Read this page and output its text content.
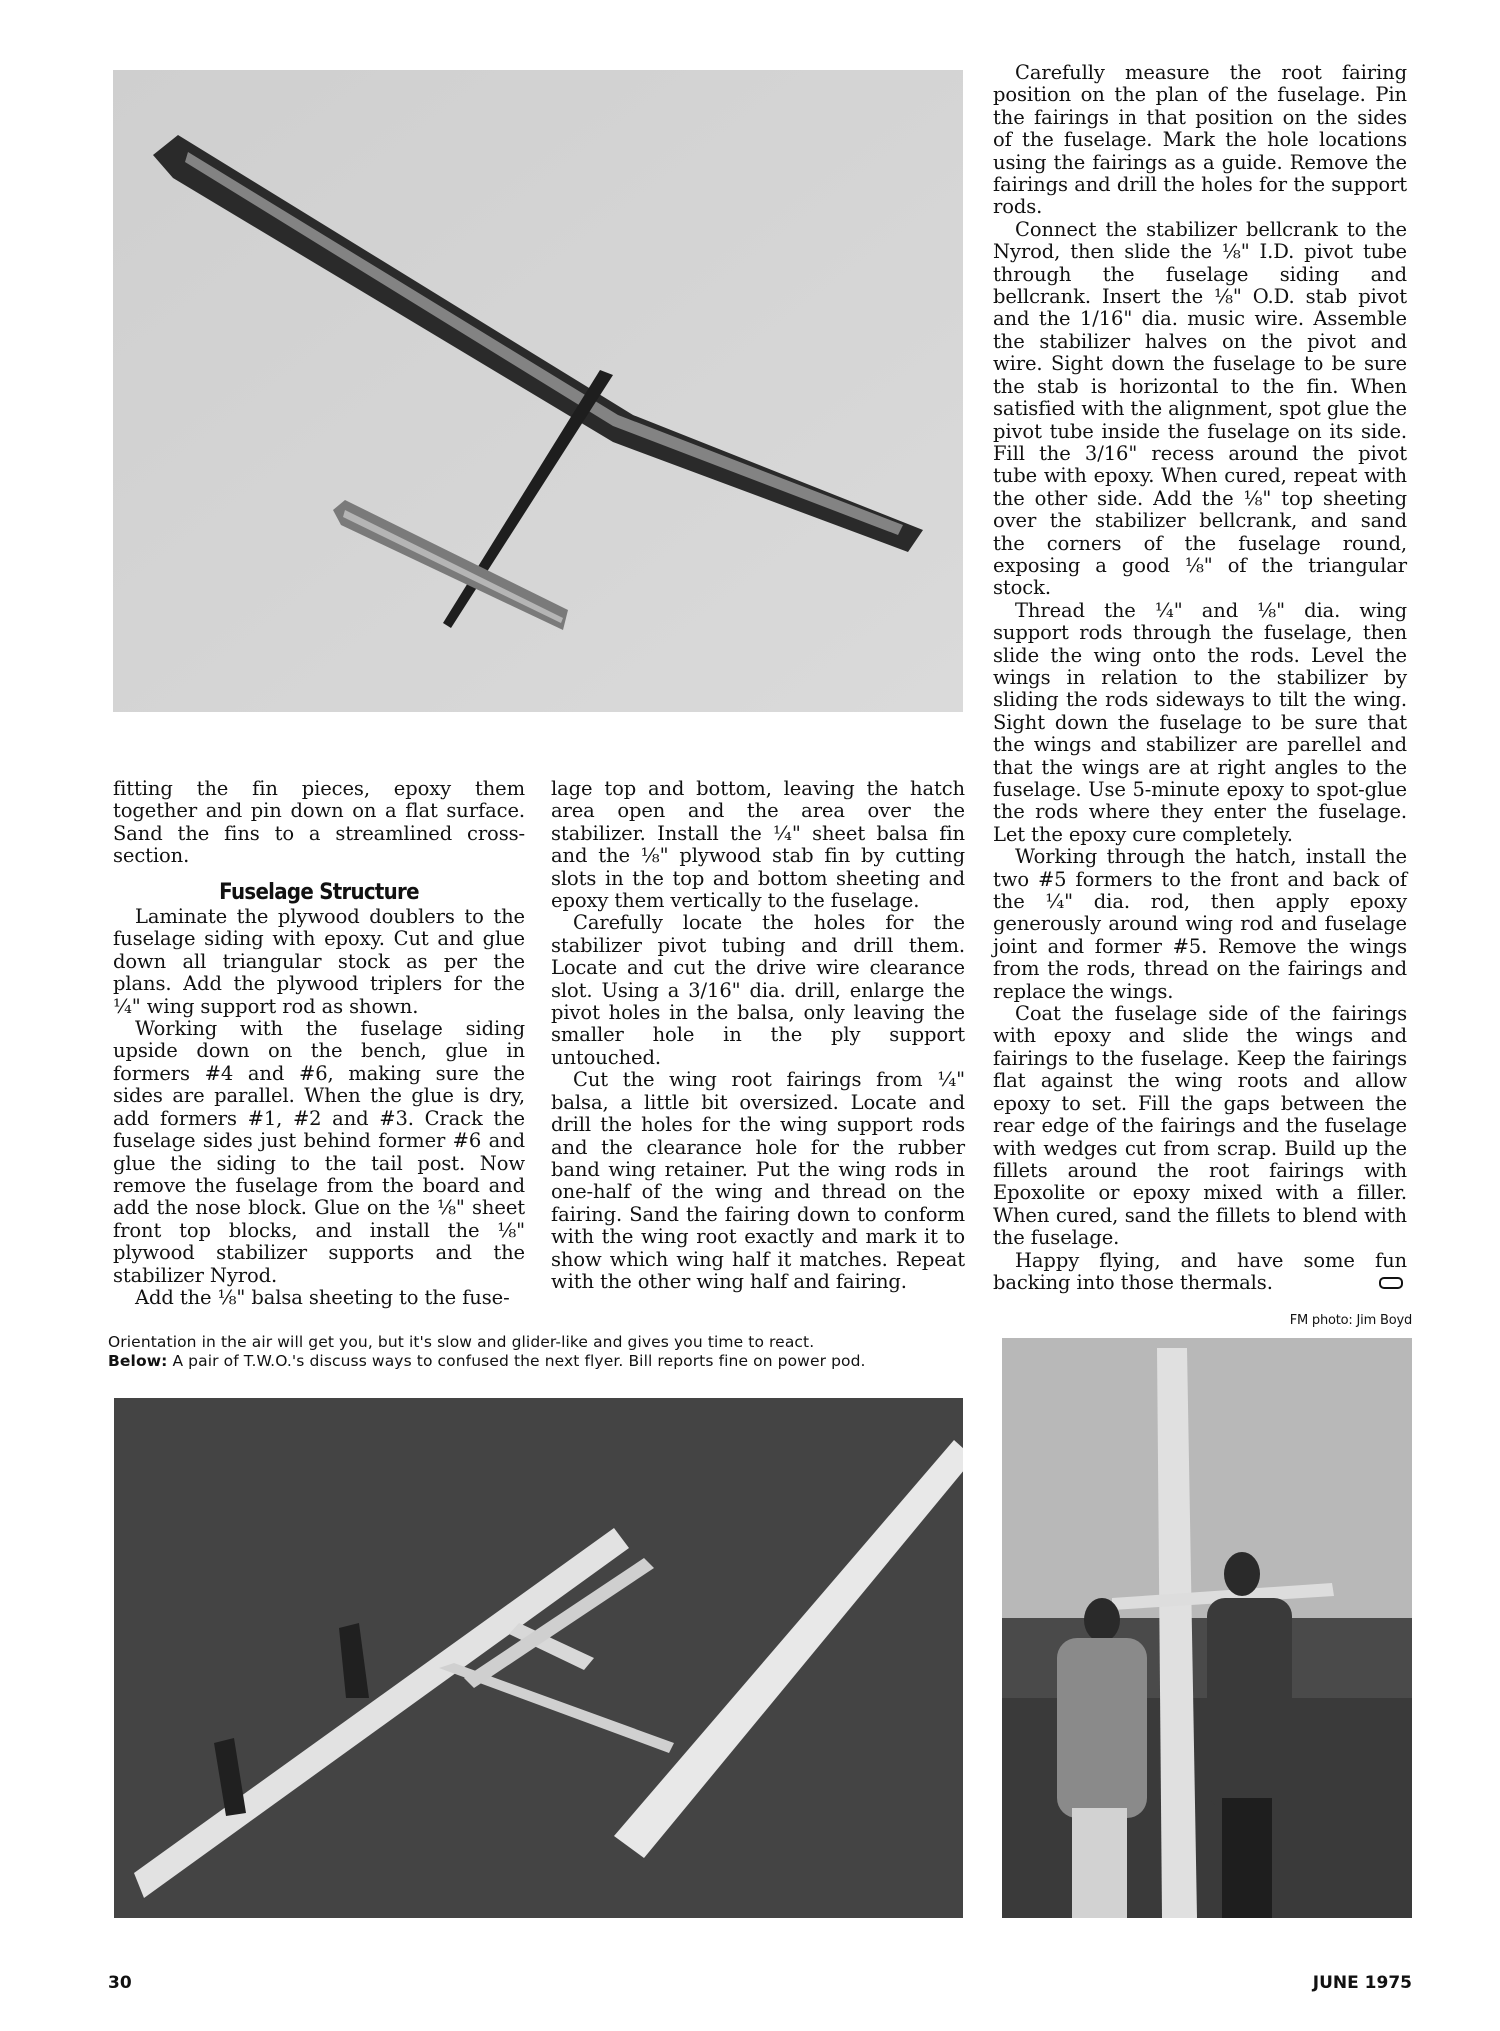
fitting the fin pieces, epoxy them together and pin down on a flat surface. Sand the fins to a streamlined cross-section.

Fuselage Structure

Laminate the plywood doublers to the fuselage siding with epoxy. Cut and glue down all triangular stock as per the plans. Add the plywood triplers for the ¼" wing support rod as shown.

Working with the fuselage siding upside down on the bench, glue in formers #4 and #6, making sure the sides are parallel. When the glue is dry, add formers #1, #2 and #3. Crack the fuselage sides just behind former #6 and glue the siding to the tail post. Now remove the fuselage from the board and add the nose block. Glue on the ⅛" sheet front top blocks, and install the ⅛" plywood stabilizer supports and the stabilizer Nyrod.

Add the ⅛" balsa sheeting to the fuse-

lage top and bottom, leaving the hatch area open and the area over the stabilizer. Install the ¼" sheet balsa fin and the ⅛" plywood stab fin by cutting slots in the top and bottom sheeting and epoxy them vertically to the fuselage.

Carefully locate the holes for the stabilizer pivot tubing and drill them. Locate and cut the drive wire clearance slot. Using a 3/16" dia. drill, enlarge the pivot holes in the balsa, only leaving the smaller hole in the ply support untouched.

Cut the wing root fairings from ¼" balsa, a little bit oversized. Locate and drill the holes for the wing support rods and the clearance hole for the rubber band wing retainer. Put the wing rods in one-half of the wing and thread on the fairing. Sand the fairing down to conform with the wing root exactly and mark it to show which wing half it matches. Repeat with the other wing half and fairing.

Carefully measure the root fairing position on the plan of the fuselage. Pin the fairings in that position on the sides of the fuselage. Mark the hole locations using the fairings as a guide. Remove the fairings and drill the holes for the support rods.

Connect the stabilizer bellcrank to the Nyrod, then slide the ⅛" I.D. pivot tube through the fuselage siding and bellcrank. Insert the ⅛" O.D. stab pivot and the 1/16" dia. music wire. Assemble the stabilizer halves on the pivot and wire. Sight down the fuselage to be sure the stab is horizontal to the fin. When satisfied with the alignment, spot glue the pivot tube inside the fuselage on its side. Fill the 3/16" recess around the pivot tube with epoxy. When cured, repeat with the other side. Add the ⅛" top sheeting over the stabilizer bellcrank, and sand the corners of the fuselage round, exposing a good ⅛" of the triangular stock.

Thread the ¼" and ⅛" dia. wing support rods through the fuselage, then slide the wing onto the rods. Level the wings in relation to the stabilizer by sliding the rods sideways to tilt the wing. Sight down the fuselage to be sure that the wings and stabilizer are parellel and that the wings are at right angles to the fuselage. Use 5-minute epoxy to spot-glue the rods where they enter the fuselage. Let the epoxy cure completely.

Working through the hatch, install the two #5 formers to the front and back of the ¼" dia. rod, then apply epoxy generously around wing rod and fuselage joint and former #5. Remove the wings from the rods, thread on the fairings and replace the wings.

Coat the fuselage side of the fairings with epoxy and slide the wings and fairings to the fuselage. Keep the fairings flat against the wing roots and allow epoxy to set. Fill the gaps between the rear edge of the fairings and the fuselage with wedges cut from scrap. Build up the fillets around the root fairings with Epoxolite or epoxy mixed with a filler. When cured, sand the fillets to blend with the fuselage.

Happy flying, and have some fun backing into those thermals.

FM photo: Jim Boyd
Orientation in the air will get you, but it's slow and glider-like and gives you time to react.
Below: A pair of T.W.O.'s discuss ways to confused the next flyer. Bill reports fine on power pod.
30	JUNE 1975
